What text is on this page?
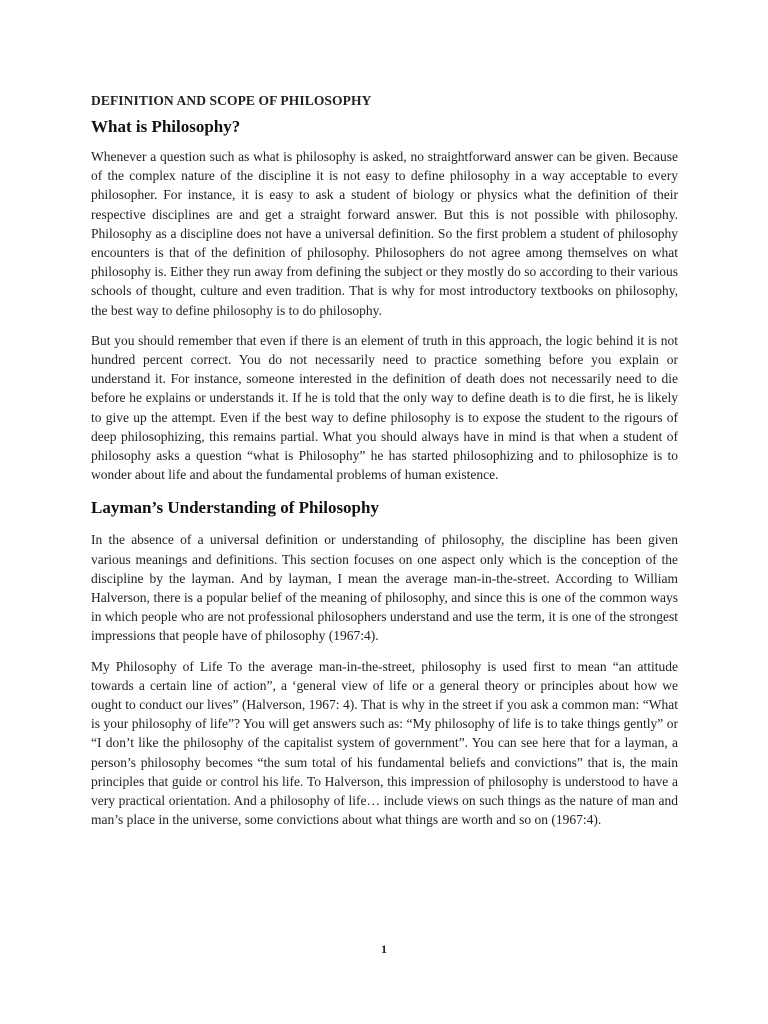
DEFINITION AND SCOPE OF PHILOSOPHY
What is Philosophy?

Whenever a question such as what is philosophy is asked, no straightforward answer can be given. Because of the complex nature of the discipline it is not easy to define philosophy in a way acceptable to every philosopher. For instance, it is easy to ask a student of biology or physics what the definition of their respective disciplines are and get a straight forward answer. But this is not possible with philosophy. Philosophy as a discipline does not have a universal definition. So the first problem a student of philosophy encounters is that of the definition of philosophy. Philosophers do not agree among themselves on what philosophy is. Either they run away from defining the subject or they mostly do so according to their various schools of thought, culture and even tradition. That is why for most introductory textbooks on philosophy, the best way to define philosophy is to do philosophy.

But you should remember that even if there is an element of truth in this approach, the logic behind it is not hundred percent correct. You do not necessarily need to practice something before you explain or understand it. For instance, someone interested in the definition of death does not necessarily need to die before he explains or understands it. If he is told that the only way to define death is to die first, he is likely to give up the attempt. Even if the best way to define philosophy is to expose the student to the rigours of deep philosophizing, this remains partial. What you should always have in mind is that when a student of philosophy asks a question “what is Philosophy” he has started philosophizing and to philosophize is to wonder about life and about the fundamental problems of human existence.

Layman’s Understanding of Philosophy

In the absence of a universal definition or understanding of philosophy, the discipline has been given various meanings and definitions. This section focuses on one aspect only which is the conception of the discipline by the layman. And by layman, I mean the average man-in-the-street. According to William Halverson, there is a popular belief of the meaning of philosophy, and since this is one of the common ways in which people who are not professional philosophers understand and use the term, it is one of the strongest impressions that people have of philosophy (1967:4).

My Philosophy of Life To the average man-in-the-street, philosophy is used first to mean “an attitude towards a certain line of action”, a ‘general view of life or a general theory or principles about how we ought to conduct our lives” (Halverson, 1967: 4). That is why in the street if you ask a common man: “What is your philosophy of life”? You will get answers such as: “My philosophy of life is to take things gently” or “I don’t like the philosophy of the capitalist system of government”. You can see here that for a layman, a person’s philosophy becomes “the sum total of his fundamental beliefs and convictions” that is, the main principles that guide or control his life. To Halverson, this impression of philosophy is understood to have a very practical orientation. And a philosophy of life… include views on such things as the nature of man and man’s place in the universe, some convictions about what things are worth and so on (1967:4).

1
